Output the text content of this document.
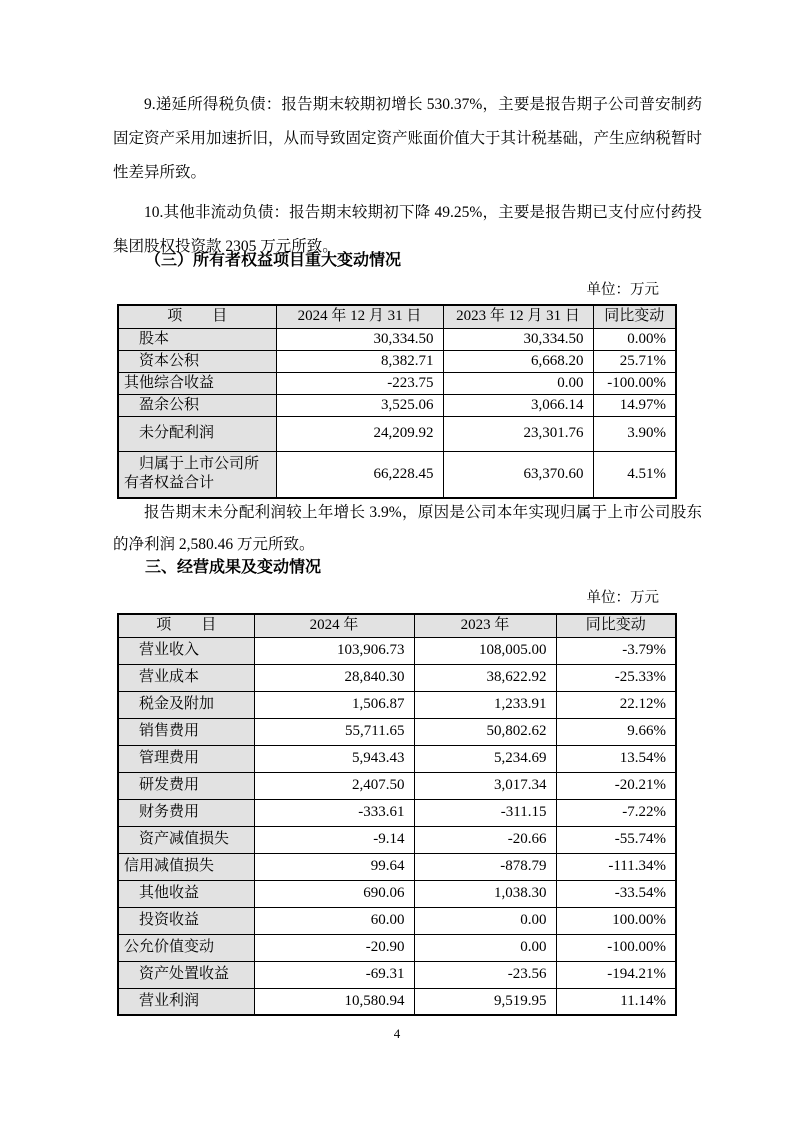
9.递延所得税负债：报告期末较期初增长 530.37%，主要是报告期子公司普安制药固定资产采用加速折旧，从而导致固定资产账面价值大于其计税基础，产生应纳税暂时性差异所致。

10.其他非流动负债：报告期末较期初下降 49.25%，主要是报告期已支付应付药投集团股权投资款 2305 万元所致。

（三）所有者权益项目重大变动情况

单位：万元

项　　目	2024 年 12 月 31 日	2023 年 12 月 31 日	同比变动
　股本	30,334.50	30,334.50	0.00%
　资本公积	8,382.71	6,668.20	25.71%
其他综合收益	-223.75	0.00	-100.00%
　盈余公积	3,525.06	3,066.14	14.97%
　未分配利润	24,209.92	23,301.76	3.90%
　归属于上市公司所有者权益合计	66,228.45	63,370.60	4.51%

报告期末未分配利润较上年增长 3.9%，原因是公司本年实现归属于上市公司股东的净利润 2,580.46 万元所致。

三、经营成果及变动情况

单位：万元

项　　目	2024 年	2023 年	同比变动
　营业收入	103,906.73	108,005.00	-3.79%
　营业成本	28,840.30	38,622.92	-25.33%
　税金及附加	1,506.87	1,233.91	22.12%
　销售费用	55,711.65	50,802.62	9.66%
　管理费用	5,943.43	5,234.69	13.54%
　研发费用	2,407.50	3,017.34	-20.21%
　财务费用	-333.61	-311.15	-7.22%
　资产减值损失	-9.14	-20.66	-55.74%
信用减值损失	99.64	-878.79	-111.34%
　其他收益	690.06	1,038.30	-33.54%
　投资收益	60.00	0.00	100.00%
公允价值变动	-20.90	0.00	-100.00%
　资产处置收益	-69.31	-23.56	-194.21%
　营业利润	10,580.94	9,519.95	11.14%

4
